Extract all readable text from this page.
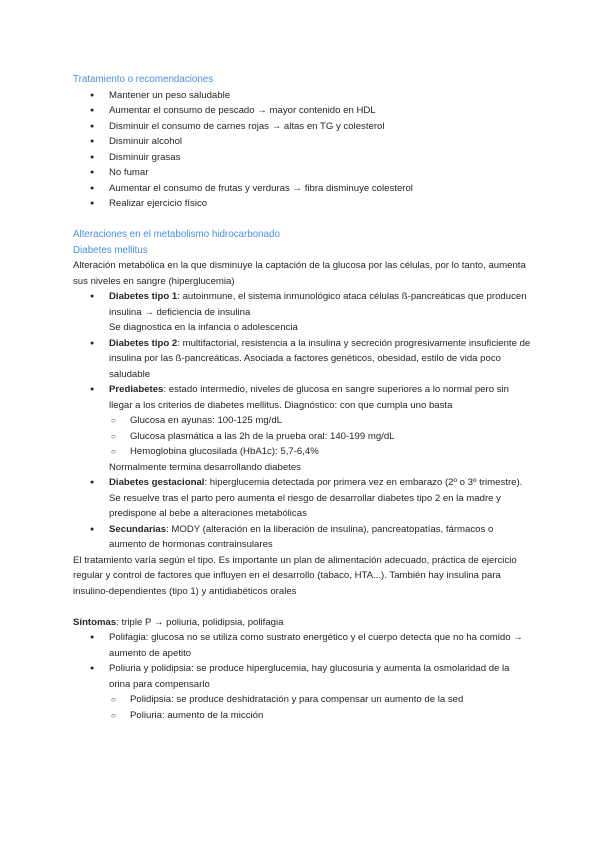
Tratamiento o recomendaciones
● Mantener un peso saludable
● Aumentar el consumo de pescado → mayor contenido en HDL
● Disminuir el consumo de carnes rojas → altas en TG y colesterol
● Disminuir alcohol
● Disminuir grasas
● No fumar
● Aumentar el consumo de frutas y verduras → fibra disminuye colesterol
● Realizar ejercicio físico
Alteraciones en el metabolismo hidrocarbonado
Diabetes mellitus
Alteración metabólica en la que disminuye la captación de la glucosa por las células, por lo tanto, aumenta sus niveles en sangre (hiperglucemia)
● Diabetes tipo 1: autoinmune, el sistema inmunológico ataca células ß-pancreáticas que producen insulina → deficiencia de insulina
Se diagnostica en la infancia o adolescencia
● Diabetes tipo 2: multifactorial, resistencia a la insulina y secreción progresivamente insuficiente de insulina por las ß-pancreáticas. Asociada a factores genéticos, obesidad, estilo de vida poco saludable
● Prediabetes: estado intermedio, niveles de glucosa en sangre superiores a lo normal pero sin llegar a los criterios de diabetes mellitus. Diagnóstico: con que cumpla uno basta
○ Glucosa en ayunas: 100-125 mg/dL
○ Glucosa plasmática a las 2h de la prueba oral: 140-199 mg/dL
○ Hemoglobina glucosilada (HbA1c): 5,7-6,4%
Normalmente termina desarrollando diabetes
● Diabetes gestacional: hiperglucemia detectada por primera vez en embarazo (2º o 3º trimestre). Se resuelve tras el parto pero aumenta el riesgo de desarrollar diabetes tipo 2 en la madre y predispone al bebe a alteraciones metabólicas
● Secundarias: MODY (alteración en la liberación de insulina), pancreatopatías, fármacos o aumento de hormonas contrainsulares
El tratamiento varía según el tipo. Es importante un plan de alimentación adecuado, práctica de ejercicio regular y control de factores que influyen en el desarrollo (tabaco, HTA...). También hay insulina para insulino-dependientes (tipo 1) y antidiabéticos orales
Síntomas: triple P → poliuria, polidipsia, polifagia
● Polifagia: glucosa no se utiliza como sustrato energético y el cuerpo detecta que no ha comido → aumento de apetito
● Poliuria y polidipsia: se produce hiperglucemia, hay glucosuria y aumenta la osmolaridad de la orina para compensarlo
○ Polidipsia: se produce deshidratación y para compensar un aumento de la sed
○ Poliuria: aumento de la micción
